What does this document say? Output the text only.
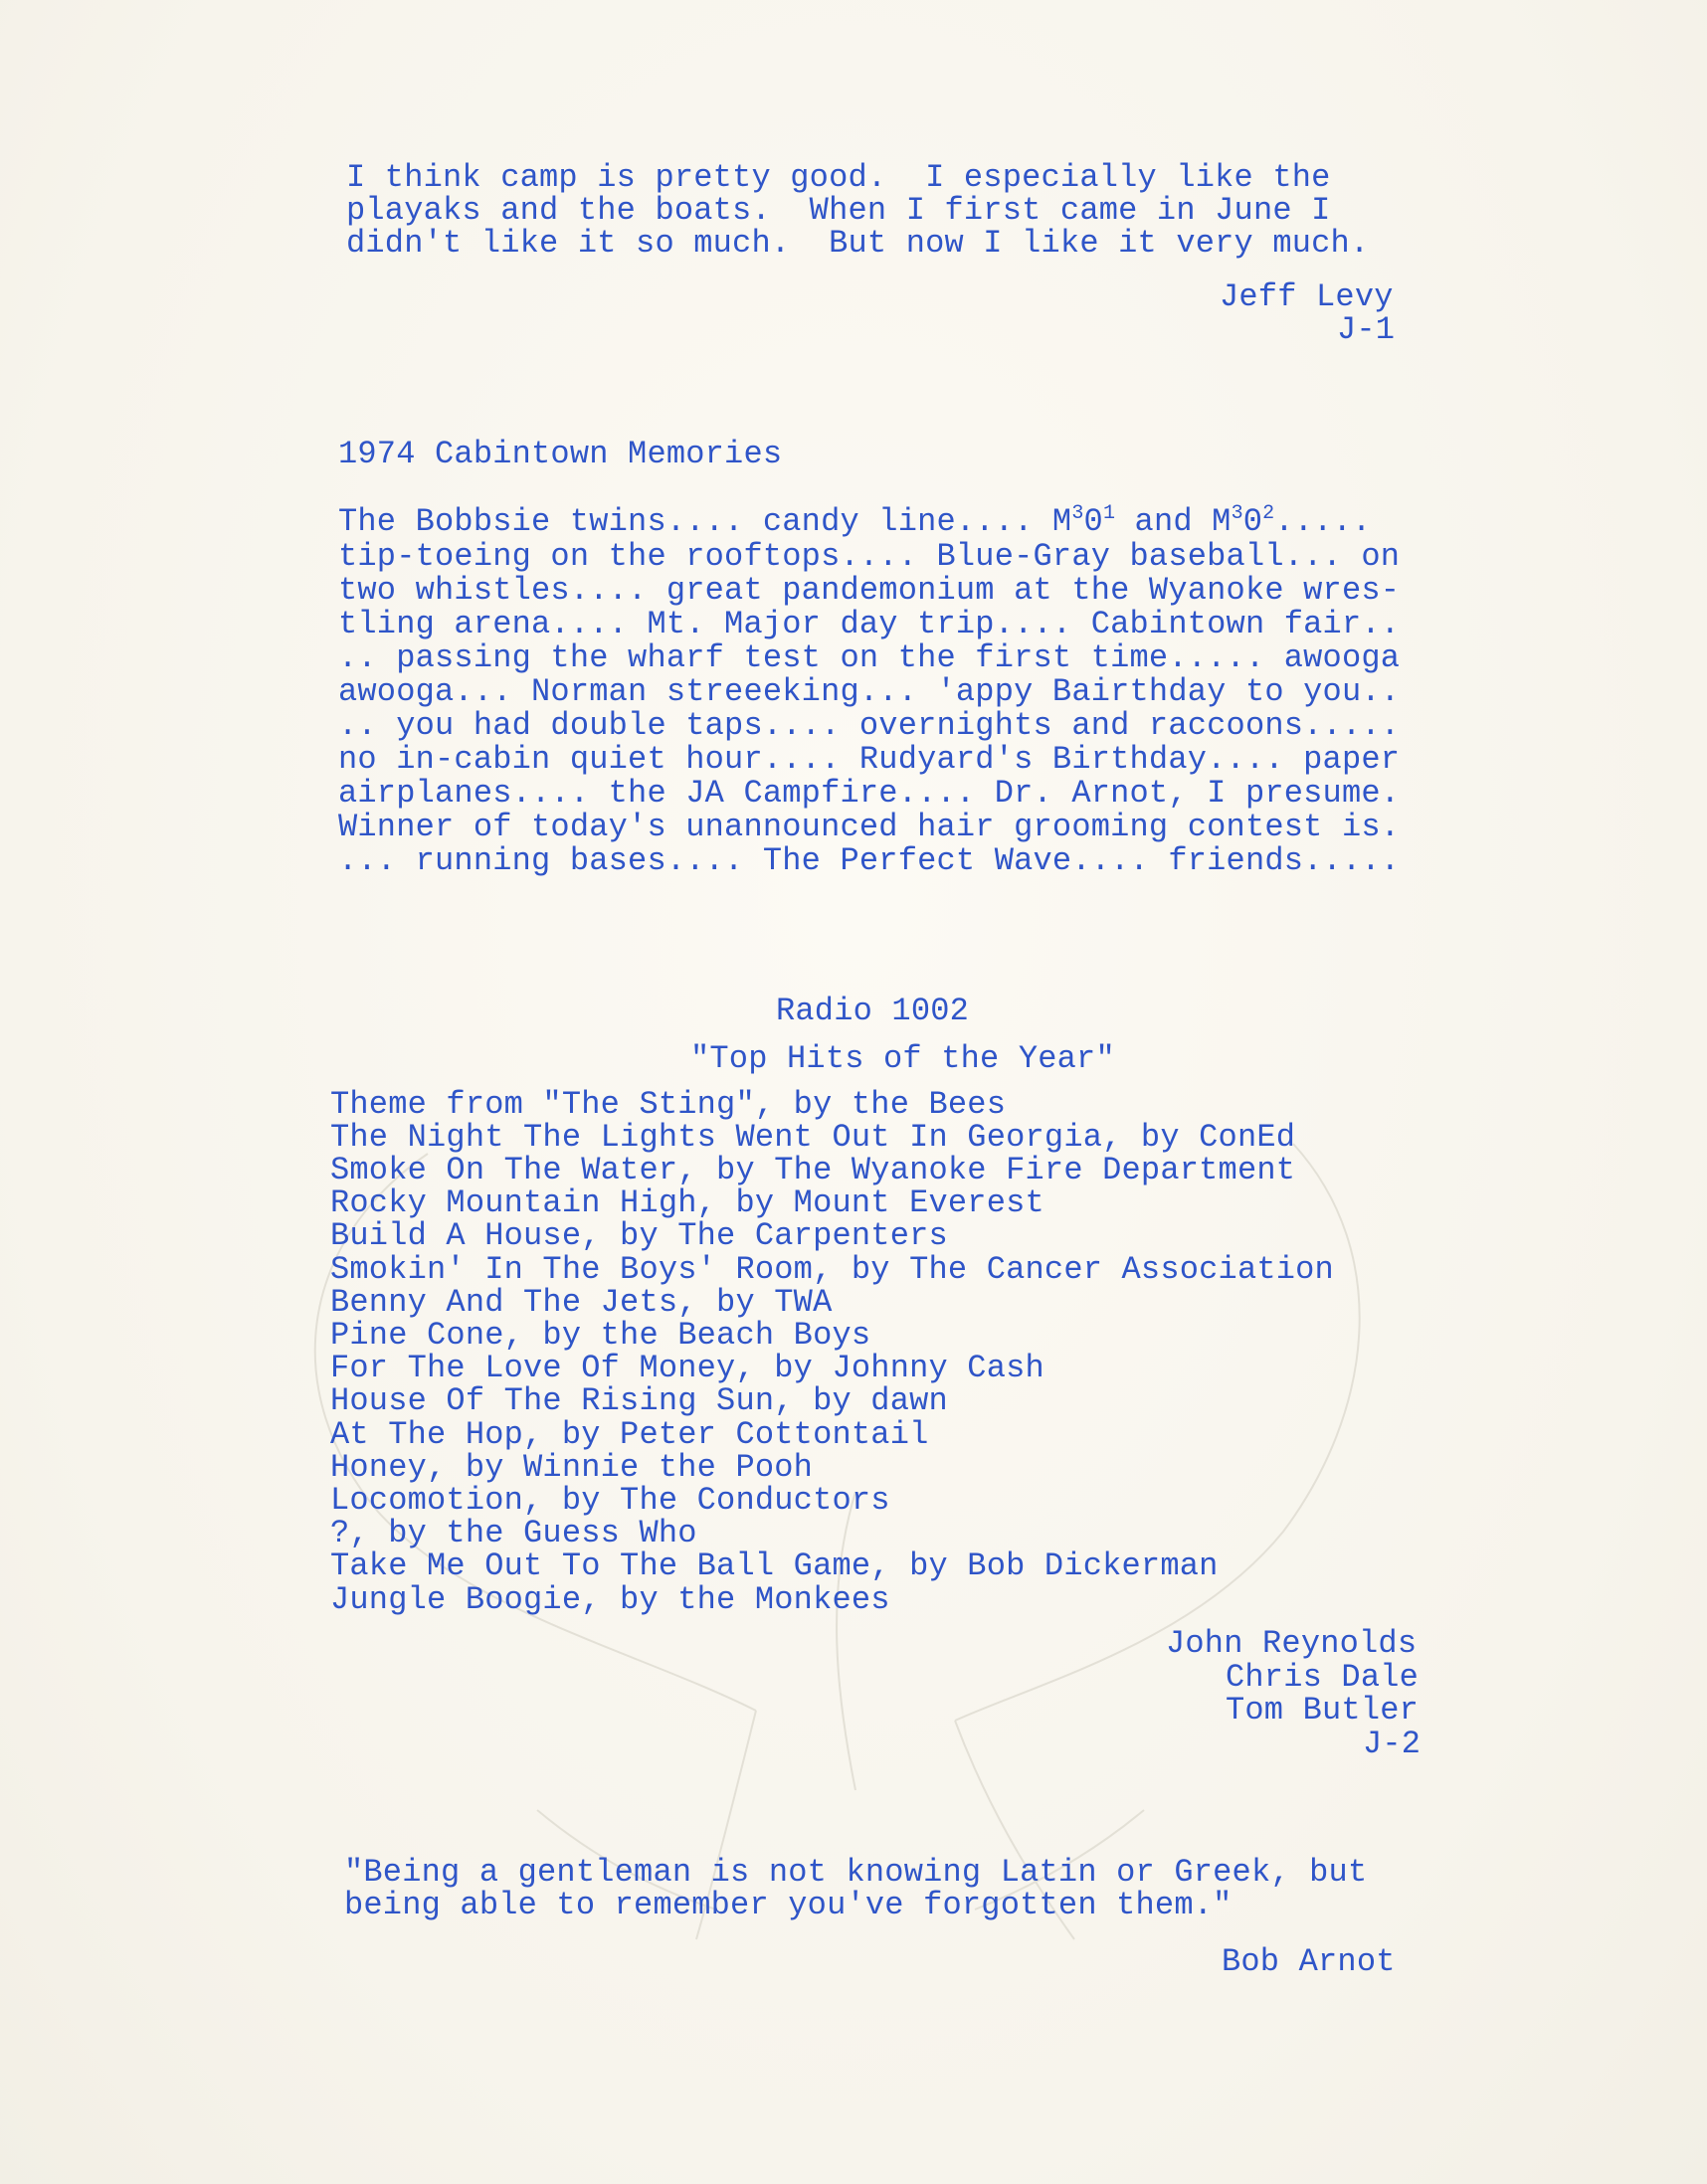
I think camp is pretty good.  I especially like the
playaks and the boats.  When I first came in June I
didn't like it so much.  But now I like it very much.
Jeff Levy
J-1
1974 Cabintown Memories
The Bobbsie twins.... candy line.... $M^30^1$ and $M^30^2$.....
tip-toeing on the rooftops.... Blue-Gray baseball... on
two whistles.... great pandemonium at the Wyanoke wres-
tling arena.... Mt. Major day trip.... Cabintown fair..
.. passing the wharf test on the first time..... awooga
awooga... Norman streeeking... 'appy Bairthday to you..
.. you had double taps.... overnights and raccoons.....
no in-cabin quiet hour.... Rudyard's Birthday.... paper
airplanes.... the JA Campfire.... Dr. Arnot, I presume.
Winner of today's unannounced hair grooming contest is.
... running bases.... The Perfect Wave.... friends.....
Radio 1002
"Top Hits of the Year"
Theme from "The Sting", by the Bees
The Night The Lights Went Out In Georgia, by ConEd
Smoke On The Water, by The Wyanoke Fire Department
Rocky Mountain High, by Mount Everest
Build A House, by The Carpenters
Smokin' In The Boys' Room, by The Cancer Association
Benny And The Jets, by TWA
Pine Cone, by the Beach Boys
For The Love Of Money, by Johnny Cash
House Of The Rising Sun, by dawn
At The Hop, by Peter Cottontail
Honey, by Winnie the Pooh
Locomotion, by The Conductors
?, by the Guess Who
Take Me Out To The Ball Game, by Bob Dickerman
Jungle Boogie, by the Monkees
John Reynolds
Chris Dale
Tom Butler
J-2
"Being a gentleman is not knowing Latin or Greek, but
being able to remember you've forgotten them."
Bob Arnot
